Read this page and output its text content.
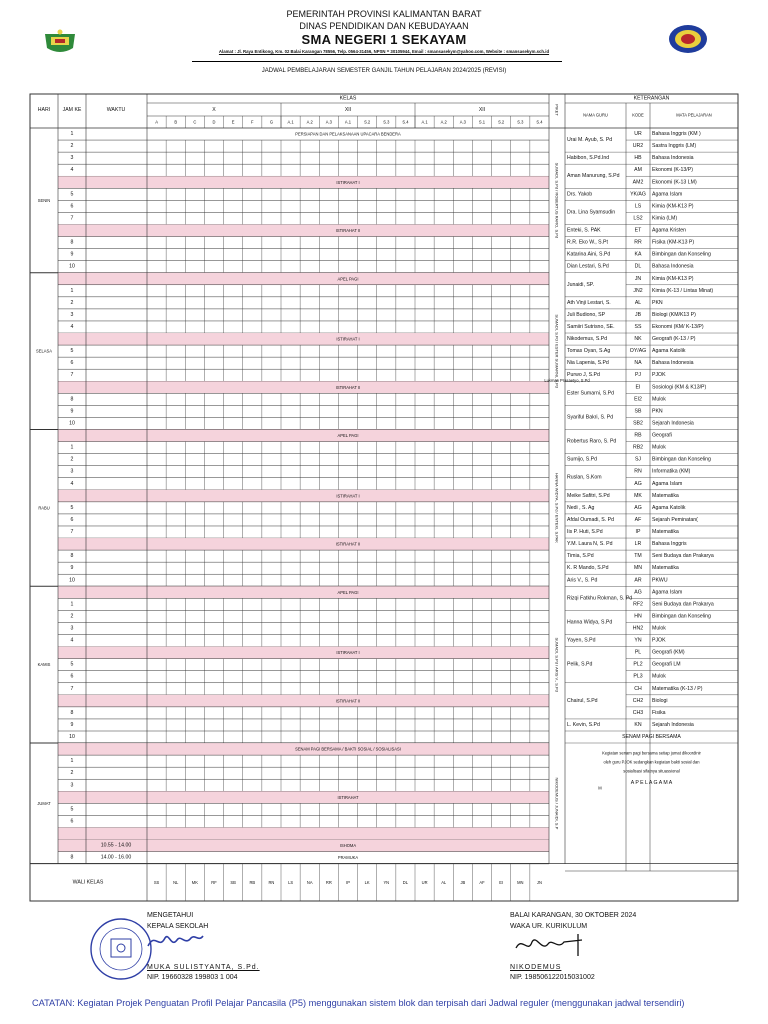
PEMERINTAH PROVINSI KALIMANTAN BARAT
DINAS PENDIDIKAN DAN KEBUDAYAAN
SMA NEGERI 1 SEKAYAM
Alamat : Jl. Raya Entikong, Km. 02 Balai Karangan 78556, Telp. 0564-31456, NPSN = 30105944, Email : smansasekym@yahoo.com, Website : smansasekym.sch.id
JADWAL PEMBELAJARAN SEMESTER GANJIL TAHUN PELAJARAN 2024/2025 (REVISI)
KELAS
X	XII	XII
HARI JAM KE	WAKTU	PIKET
KETERANGAN
NAMA GURU	KODE	MATA PELAJARAN
A	B	C	D	E	F	G	A.1	A.2	A.3	A.1	S.2	S.3	S.4	A.1	A.2	A.3	S.1	S.2	S.3	S.4
1	PERSIAPAN DAN PELAKSANAAN UPACARA BENDERA
2
3
4
ISTIRAHAT I
5
6
7
ISTIRAHAT II
8
9
10
SENIN	SUMADI, S.Pd / ROBERTUS RARO, S.Pd
APEL PAGI
1
2
3
4
ISTIRAHAT I
5
6
7
ISTIRAHAT II
8
9
10
SELASA	SUMADI, S.Pd / ESTER SUMARNI, S.Pd
APEL PAGI
1
2
3
4
ISTIRAHAT I
5
6
7
ISTIRAHAT II
8
9
10
RABU	HANNA WIDYA, S.Pd / ENTEKI, S.PAK
APEL PAGI
1
2
3
4
ISTIRAHAT I
5
6
7
ISTIRAHAT II
8
9
10
KAMIS	SUMADI, S.Pd / ARIS V., S.Pd
SENAM PAGI BERSAMA / BAKTI SOSIAL / SOSIALISASI
1
2
3
ISTIRAHAT
5
6
10.55 - 14.00	ISHOMA
8	14.00 - 16.00	PRAMUKA
JUMAT	NIKODEMUS / JUNAIDI, S.P
WALI KELAS	SS	NL	MK	RF	SB	RB	RN	LS	NA	RR	IP	LK	YN	DL	UR	AL	JB	AF	EI	MN	JN
Urai M. Ayub, S. Pd
UR Bahasa Inggris (KM )
UR2 Sastra Inggris (LM)
Habibon, S.Pd.Ind	HB Bahasa Indonesia
Aman Manurung, S.Pd
AM Ekonomi (K-13/P)
AM2 Ekonomi (K-13 LM)
Drs. Yakob	YK/AG Agama Islam
Dra. Lina Syamsudin
LS Kimia (KM-K13 P)
LS2 Kimia (LM)
Enteki, S. PAK	ET Agama Kristen
R.R. Eko W., S.Pt	RR Fisika (KM-K13 P)
Katarina Aini, S.Pd	KA Bimbingan dan Konseling
Dian Lestari, S.Pd	DL Bahasa Indonesia
Junaidi, SP.
JN Kimia (KM-K13 P)
JN2 Kimia (K-13 / Lintas Minat)
Ath Vinji Lestari, S.	AL PKN
Juli Budiono, SP	JB Biologi (KM/K13 P)
Samiiri Sutrisno, SE.	SS Ekonomi (KM/ K-13/P)
Nikodemus, S.Pd	NK Geografi (K-13 / P)
Tomas Oyan, S.Ag	OY/AG Agama Katolik
Nia Lapenia, S.Pd	NA Bahasa Indonesia
Purwo J, S.Pd	PJ PJOK
Ester Sumarni, S.Pd
EI Sosiologi (KM & K13/P)
EI2 Mulok
Lukman Prasaetyo, S.Pd
Syariful Bakri, S. Pd
SB PKN
SB2 Sejarah Indonesia
Robertus Raro, S. Pd
RB Geografi
RB2 Mulok
Sumijo, S.Pd	SJ Bimbingan dan Konseling
Ruslan, S.Kom
RN Informatika (KM)
AG Agama Islam
Meike Safitri, S.Pd	MK Matematika
Nedi , S. Ag	AG Agama Katolik
Afdal Oumadi, S. Pd	AF Sejarah Peminatan(
Iis P. Huti, S.Pd	IP Matematika
Y.M. Laura N, S. Pd	LR Bahasa Inggris
Timia, S.Pd	TM Seni Budaya dan Prakarya
K. R Mando, S.Pd	MN Matematika
Aris V., S. Pd	AR PKWU
Rizqi Fatkhu Rokman, S. Pd
AG Agama Islam
RF2 Seni Budaya dan Prakarya
Hanna Widya, S.Pd
HN Bimbingan dan Konseling
HN2 Mulok
Yayen, S.Pd	YN PJOK
Pelik, S.Pd
PL Geografi (KM)
PL2 Geografi LM
PL3 Mulok
Chairul, S.Pd
CH Matematika (K-13 / P)
CH2 Biologi
CH3 Fisika
L. Kevin, S.Pd	KN Sejarah Indonesia
SENAM PAGI BERSAMA
Kegiatan senam pagi bersama setiap jumat dikoordinir
oleh guru PJOK sedangkan kegiatan bakti sosial dan
sosialisasi sifatnya situassional
A P E L A G A M A
M
MENGETAHUI
KEPALA SEKOLAH
MUKA SULISTYANTA, S.Pd.
NIP. 19660328 199803 1 004
BALAI KARANGAN, 30 OKTOBER 2024
WAKA UR. KURIKULUM
NIKODEMUS
NIP. 198506122015031002
CATATAN: Kegiatan Projek Penguatan Profil Pelajar Pancasila (P5) menggunakan sistem blok dan terpisah dari Jadwal reguler (menggunakan jadwal tersendiri)
